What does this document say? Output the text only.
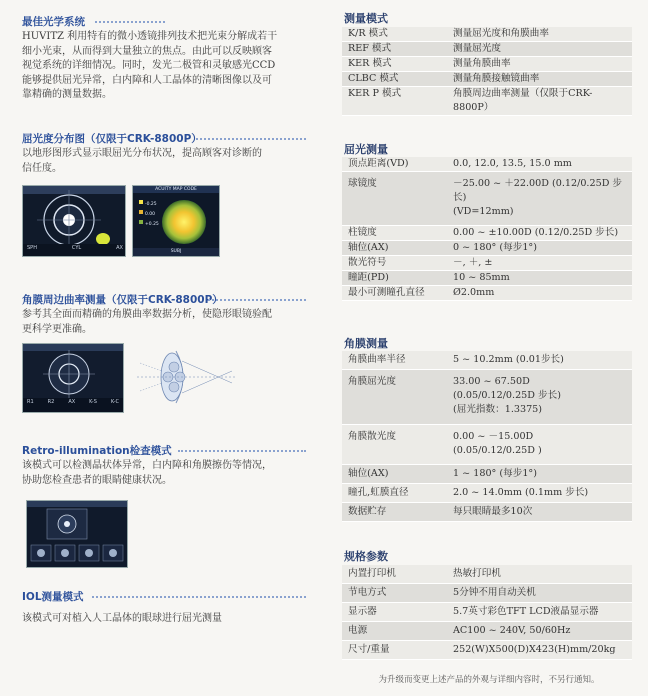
最佳光学系统
HUVITZ 利用特有的微小透镜排列技术把光束分解成若干
细小光束，从而得到大量独立的焦点。由此可以反映顾客
视觉系统的详细情况。同时，发光二极管和灵敏感光CCD
能够提供屈光异常，白内障和人工晶体的清晰图像以及可
靠精确的测量数据。
屈光度分布图（仅限于CRK-8800P）
以地形图形式显示眼屈光分布状况，提高顾客对诊断的
信任度。
SPH	CYL	AX
ACUITY MAP CODE
-0.25
0.00
+0.25
SUBJ
角膜周边曲率测量（仅限于CRK-8800P）
参考其全面而精确的角膜曲率数据分析，使隐形眼镜验配
更科学更准确。
R1	R2	AX	K-S	K-C
Retro-illumination检查模式
该模式可以检测晶状体异常，白内障和角膜擦伤等情况，
协助您检查患者的眼睛健康状况。
IOL测量模式
该模式可对植入人工晶体的眼球进行屈光测量
测量模式
K/R 模式	测量屈光度和角膜曲率
REF 模式	测量屈光度
KER 模式	测量角膜曲率
CLBC 模式	测量角膜接触镜曲率
KER P 模式	角膜周边曲率测量（仅限于CRK-8800P）
屈光测量
顶点距离(VD)	0.0, 12.0, 13.5, 15.0 mm
球镜度	－25.00 ~ ＋22.00D (0.12/0.25D 步长)
(VD=12mm)
柱镜度	0.00 ~ ±10.00D (0.12/0.25D 步长)
轴位(AX)	0 ~ 180° (每步1°)
散光符号	－, ＋, ±
瞳距(PD)	10 ~ 85mm
最小可测瞳孔直径	Ø2.0mm
角膜测量
角膜曲率半径	5 ~ 10.2mm (0.01步长)
角膜屈光度	33.00 ~ 67.50D
(0.05/0.12/0.25D 步长)
(屈光指数：1.3375)
角膜散光度	0.00 ~ －15.00D
(0.05/0.12/0.25D )
轴位(AX)	1 ~ 180° (每步1°)
瞳孔,虹膜直径	2.0 ~ 14.0mm (0.1mm 步长)
数据贮存	每只眼睛最多10次
规格参数
内置打印机	热敏打印机
节电方式	5分钟不用自动关机
显示器	5.7英寸彩色TFT LCD液晶显示器
电源	AC100 ~ 240V, 50/60Hz
尺寸/重量	252(W)X500(D)X423(H)mm/20kg
为升级而变更上述产品的外观与详细内容时，不另行通知。
